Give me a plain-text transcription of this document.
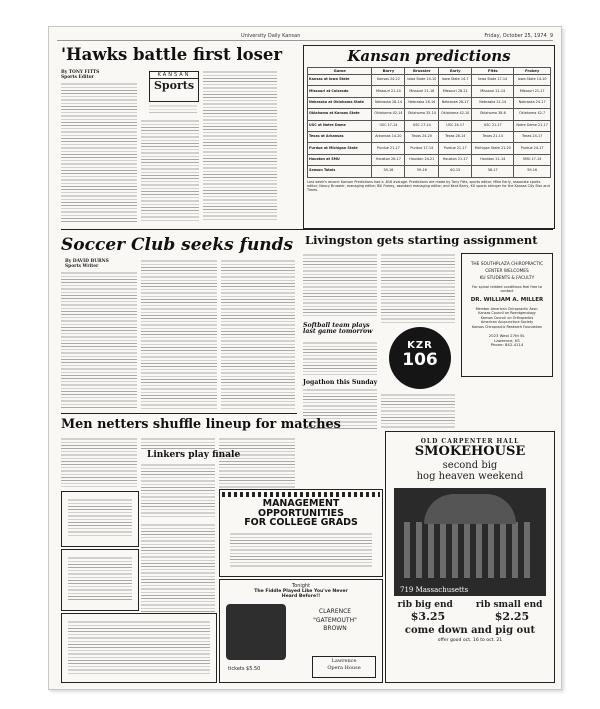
University Daily Kansan	Friday, October 25, 1974 9
'Hawks battle first loser
By TONY FITTS
Sports Editor	KANSAN
Sports
Kansan predictions
Game	Barry	Brussler	Early	Fitts	Frokey
Kansas at Iowa State	Kansas 24-22	Iowa State 14-10	Iowa State 14-7	Iowa State 17-14	Iowa State 14-10
Missouri at Colorado	Missouri 21-14	Missouri 21-16	Missouri 28-21	Missouri 21-14	Missouri 21-17
Nebraska at Oklahoma State	Nebraska 28-14	Nebraska 26-14	Nebraska 28-17	Nebraska 21-14	Nebraska 24-17
Oklahoma at Kansas State	Oklahoma 42-14	Oklahoma 35-14	Oklahoma 42-10	Oklahoma 38-6	Oklahoma 42-7
USC at Notre Dame	USC 17-14	USC 17-14	USC 24-17	USC 21-17	Notre Dame 21-17
Texas at Arkansas	Arkansas 14-20	Texas 24-20	Texas 28-14	Texas 21-14	Texas 24-17
Purdue at Michigan State	Purdue 21-17	Purdue 17-14	Purdue 21-17	Michigan State 21-20	Purdue 24-17
Houston at SMU	Houston 28-17	Houston 24-21	Houston 21-17	Houston 21-14	SMU 17-14
Season Totals	59-16	59-16	60-15	58-17	59-16
Last week's record: Kansan Predictions had a .616 average. Predictions are made by Tony Fitts, sports editor; Mike Early, associate sports editor; Nancy Brussler, managing editor; Bill Frokey, assistant managing editor; and Kent Barry, KU sports stringer for the Kansas City Star and Times.
Soccer Club seeks funds
By DAVID BURNS
Sports Writer
Livingston gets starting assignment
Softball team plays last game tomorrow
Jogathon this Sunday
THE SOUTHPLAZA CHIROPRACTIC
CENTER WELCOMES
KU STUDENTS & FACULTY
For spinal related conditions feel free to contact
DR. WILLIAM A. MILLER
Member American Chiropractic Assn.
Kansas Council on Roentgenology
Kansas Council on Orthopedics
American Acupuncture Society
Kansas Chiropractic Research Foundation
2023 West 27th St.
Lawrence, KS
Phone: 842-4114
KZR
106
Men netters shuffle lineup for matches
Linkers play finale
MANAGEMENT
OPPORTUNITIES
FOR COLLEGE GRADS
Tonight
The Fiddle Played Like You've Never
Heard Before!!
CLARENCE
"GATEMOUTH"
BROWN
tickets $5.50
Lawrence
Opera House
OLD CARPENTER HALL
SMOKEHOUSE
second big
hog heaven weekend
719 Massachusetts
rib big end	rib small end
$3.25	$2.25
come down and pig out
offer good oct. 16 to oct. 21
